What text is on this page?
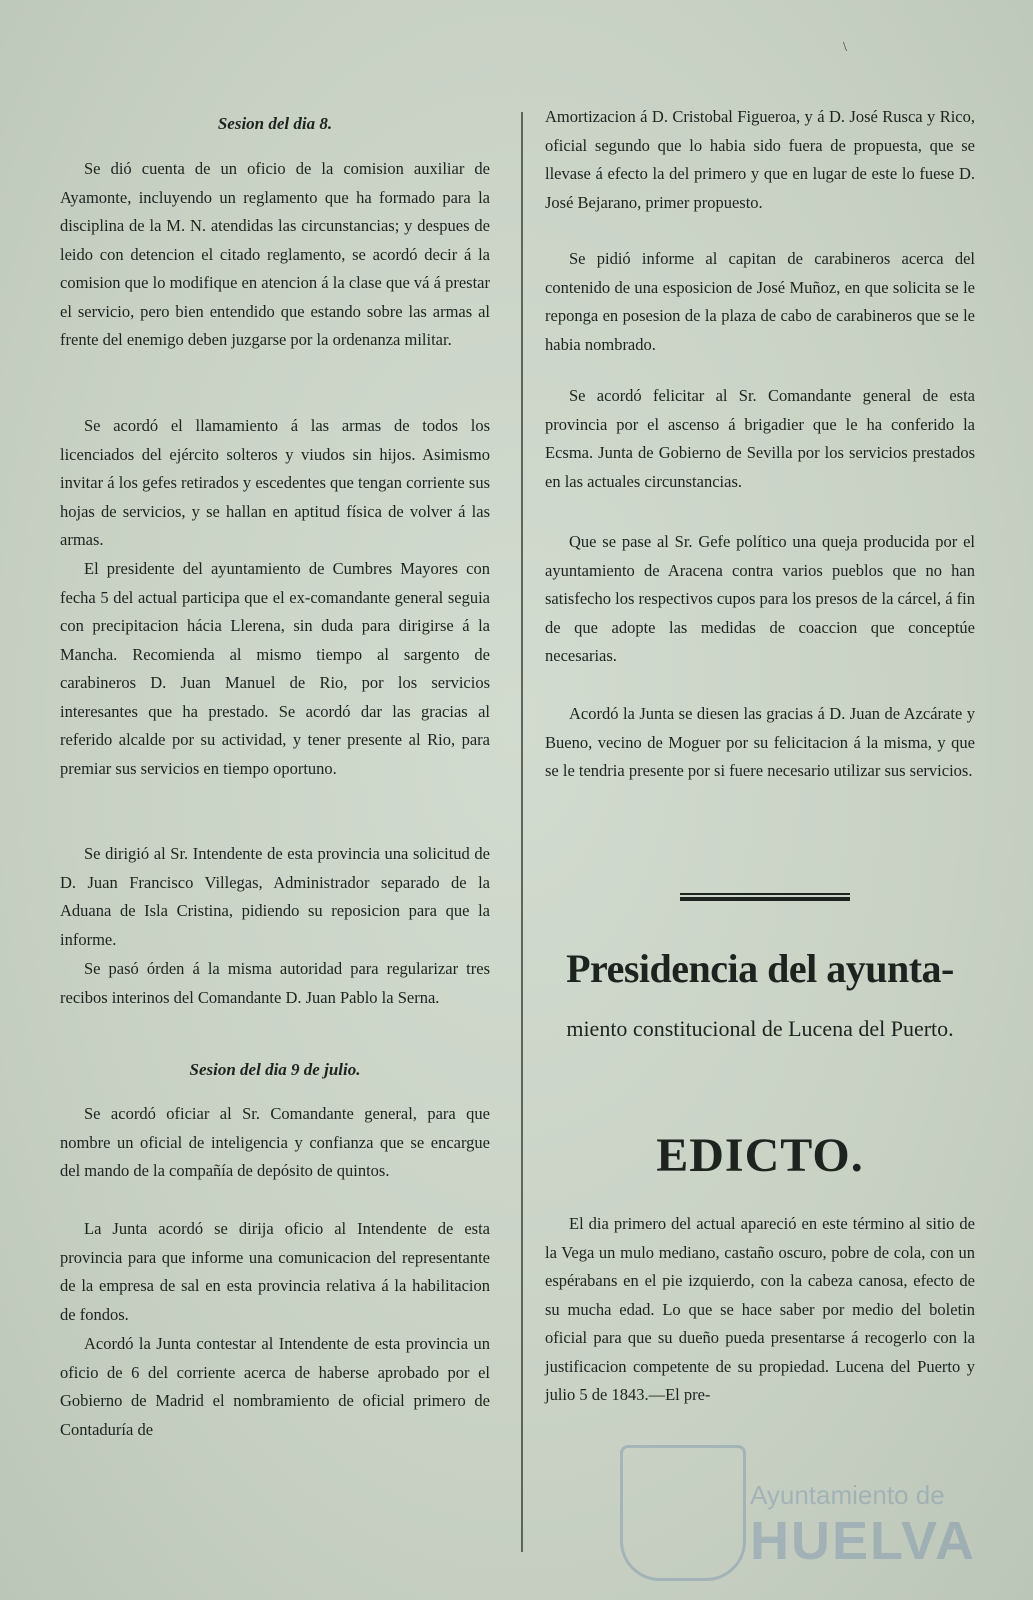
\
Sesion del dia 8.

Se dió cuenta de un oficio de la comision auxiliar de Ayamonte, incluyendo un reglamento que ha formado para la disciplina de la M. N. atendidas las circunstancias; y despues de leido con detencion el citado reglamento, se acordó decir á la comision que lo modifique en atencion á la clase que vá á prestar el servicio, pero bien entendido que estando sobre las armas al frente del enemigo deben juzgarse por la ordenanza militar.

Se acordó el llamamiento á las armas de todos los licenciados del ejército solteros y viudos sin hijos. Asimismo invitar á los gefes retirados y escedentes que tengan corriente sus hojas de servicios, y se hallan en aptitud física de volver á las armas.

El presidente del ayuntamiento de Cumbres Mayores con fecha 5 del actual participa que el ex-comandante general seguia con precipitacion hácia Llerena, sin duda para dirigirse á la Mancha. Recomienda al mismo tiempo al sargento de carabineros D. Juan Manuel de Rio, por los servicios interesantes que ha prestado. Se acordó dar las gracias al referido alcalde por su actividad, y tener presente al Rio, para premiar sus servicios en tiempo oportuno.

Se dirigió al Sr. Intendente de esta provincia una solicitud de D. Juan Francisco Villegas, Administrador separado de la Aduana de Isla Cristina, pidiendo su reposicion para que la informe.

Se pasó órden á la misma autoridad para regularizar tres recibos interinos del Comandante D. Juan Pablo la Serna.

Sesion del dia 9 de julio.

Se acordó oficiar al Sr. Comandante general, para que nombre un oficial de inteligencia y confianza que se encargue del mando de la compañía de depósito de quintos.

La Junta acordó se dirija oficio al Intendente de esta provincia para que informe una comunicacion del representante de la empresa de sal en esta provincia relativa á la habilitacion de fondos.

Acordó la Junta contestar al Intendente de esta provincia un oficio de 6 del corriente acerca de haberse aprobado por el Gobierno de Madrid el nombramiento de oficial primero de Contaduría de

Amortizacion á D. Cristobal Figueroa, y á D. José Rusca y Rico, oficial segundo que lo habia sido fuera de propuesta, que se llevase á efecto la del primero y que en lugar de este lo fuese D. José Bejarano, primer propuesto.

Se pidió informe al capitan de carabineros acerca del contenido de una esposicion de José Muñoz, en que solicita se le reponga en posesion de la plaza de cabo de carabineros que se le habia nombrado.

Se acordó felicitar al Sr. Comandante general de esta provincia por el ascenso á brigadier que le ha conferido la Ecsma. Junta de Gobierno de Sevilla por los servicios prestados en las actuales circunstancias.

Que se pase al Sr. Gefe político una queja producida por el ayuntamiento de Aracena contra varios pueblos que no han satisfecho los respectivos cupos para los presos de la cárcel, á fin de que adopte las medidas de coaccion que conceptúe necesarias.

Acordó la Junta se diesen las gracias á D. Juan de Azcárate y Bueno, vecino de Moguer por su felicitacion á la misma, y que se le tendria presente por si fuere necesario utilizar sus servicios.

Presidencia del ayunta-
miento constitucional de Lucena del Puerto.
EDICTO.

El dia primero del actual apareció en este término al sitio de la Vega un mulo mediano, castaño oscuro, pobre de cola, con un espérabans en el pie izquierdo, con la cabeza canosa, efecto de su mucha edad. Lo que se hace saber por medio del boletin oficial para que su dueño pueda presentarse á recogerlo con la justificacion competente de su propiedad. Lucena del Puerto y julio 5 de 1843.—El pre-

Ayuntamiento de
HUELVA
